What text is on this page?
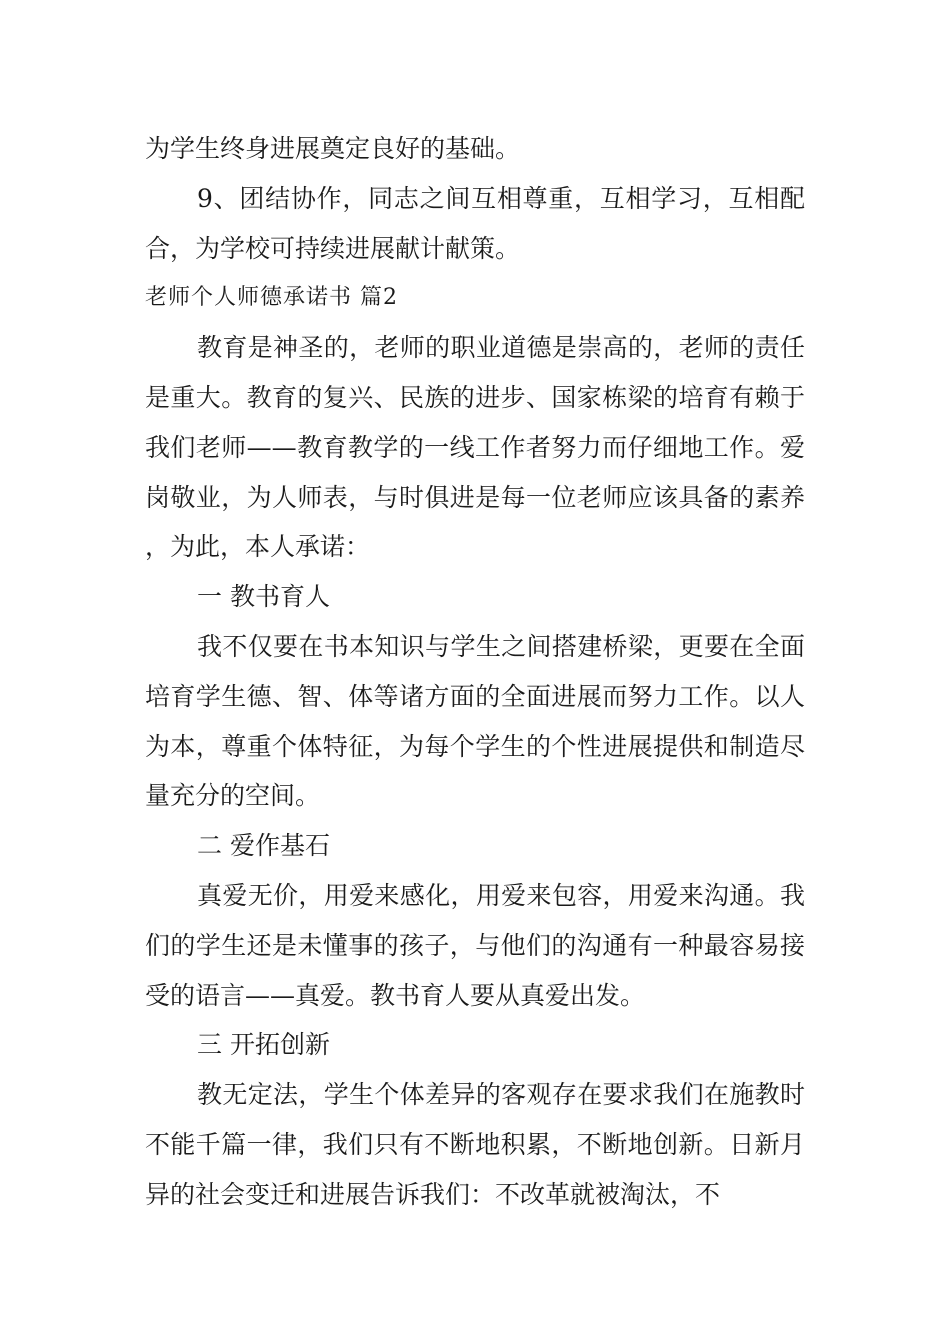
为学生终身进展奠定良好的基础。

9、团结协作，同志之间互相尊重，互相学习，互相配合，为学校可持续进展献计献策。

老师个人师德承诺书 篇2

教育是神圣的，老师的职业道德是崇高的，老师的责任是重大。教育的复兴、民族的进步、国家栋梁的培育有赖于我们老师——教育教学的一线工作者努力而仔细地工作。爱岗敬业，为人师表，与时俱进是每一位老师应该具备的素养，为此，本人承诺：

一 教书育人

我不仅要在书本知识与学生之间搭建桥梁，更要在全面培育学生德、智、体等诸方面的全面进展而努力工作。以人为本，尊重个体特征，为每个学生的个性进展提供和制造尽量充分的空间。

二 爱作基石

真爱无价，用爱来感化，用爱来包容，用爱来沟通。我们的学生还是未懂事的孩子，与他们的沟通有一种最容易接受的语言——真爱。教书育人要从真爱出发。

三 开拓创新

教无定法，学生个体差异的客观存在要求我们在施教时不能千篇一律，我们只有不断地积累，不断地创新。日新月异的社会变迁和进展告诉我们：不改革就被淘汰，不
